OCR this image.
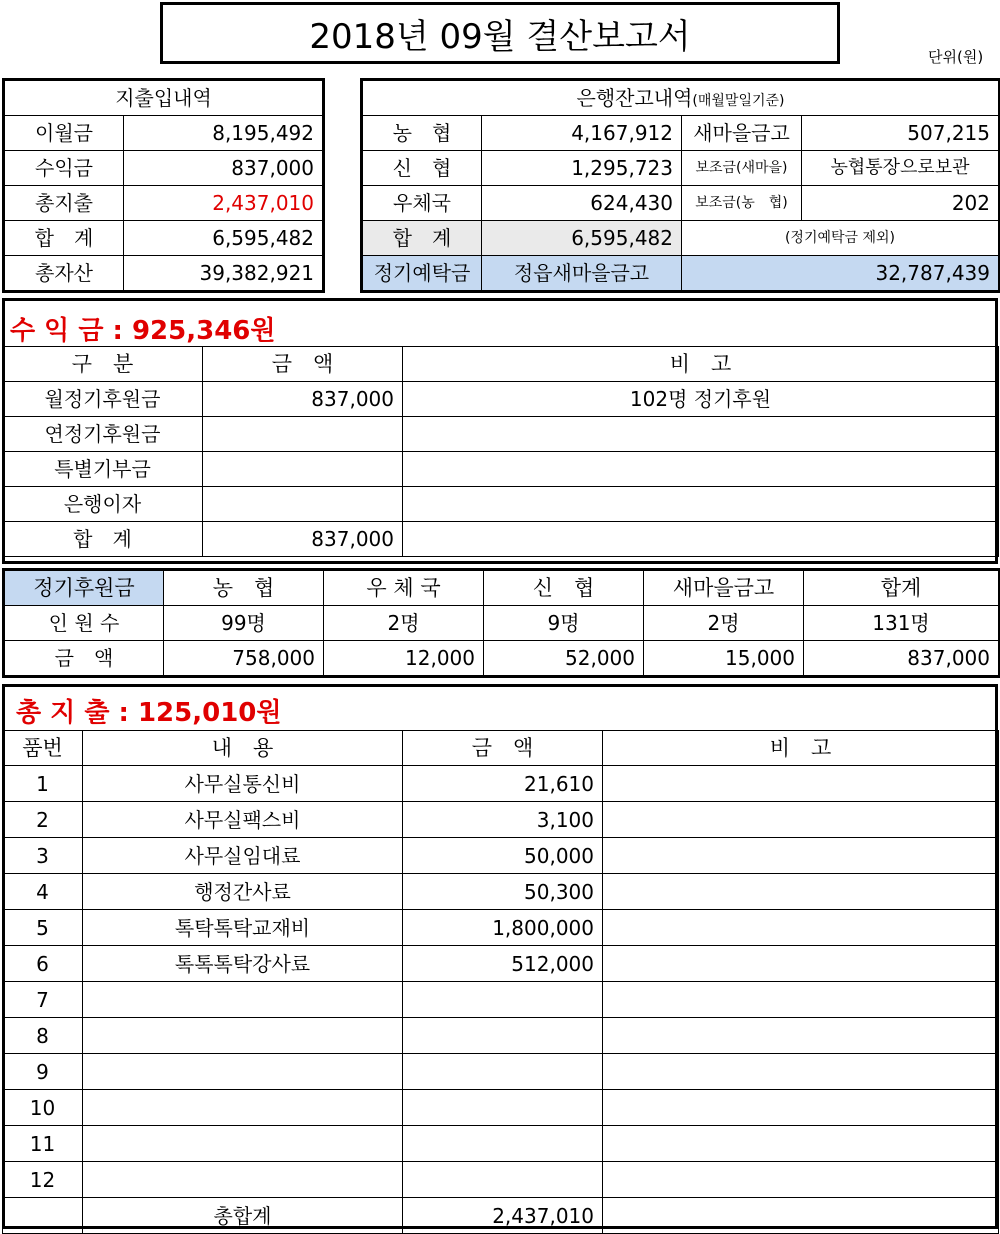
2018년 09월 결산보고서
단위(원)
지출입내역	
이월금	8,195,492
수익금	837,000
총지출	2,437,010
합　계	6,595,482
총자산	39,382,921
은행잔고내역(매월말일기준)			
농　협	4,167,912	새마을금고	507,215
신　협	1,295,723	보조금(새마을)	농협통장으로보관
우체국	624,430	보조금(농　협)	202
합　계	6,595,482	(정기예탁금 제외)	
정기예탁금	정읍새마을금고	32,787,439	
수 익 금 : 925,346원
구　분	금　액	비　고
월정기후원금	837,000	102명 정기후원
연정기후원금		
특별기부금		
은행이자		
합　계	837,000	
정기후원금	농　협	우 체 국	신　협	새마을금고	합계
인 원 수	99명	2명	9명	2명	131명
금　액	758,000	12,000	52,000	15,000	837,000
총 지 출 : 125,010원
품번	내　용	금　액	비　고
1	사무실통신비	21,610	
2	사무실팩스비	3,100	
3	사무실임대료	50,000	
4	행정간사료	50,300	
5	톡탁톡탁교재비	1,800,000	
6	톡톡톡탁강사료	512,000	
7			
8			
9			
10			
11			
12			
	총합계	2,437,010	
